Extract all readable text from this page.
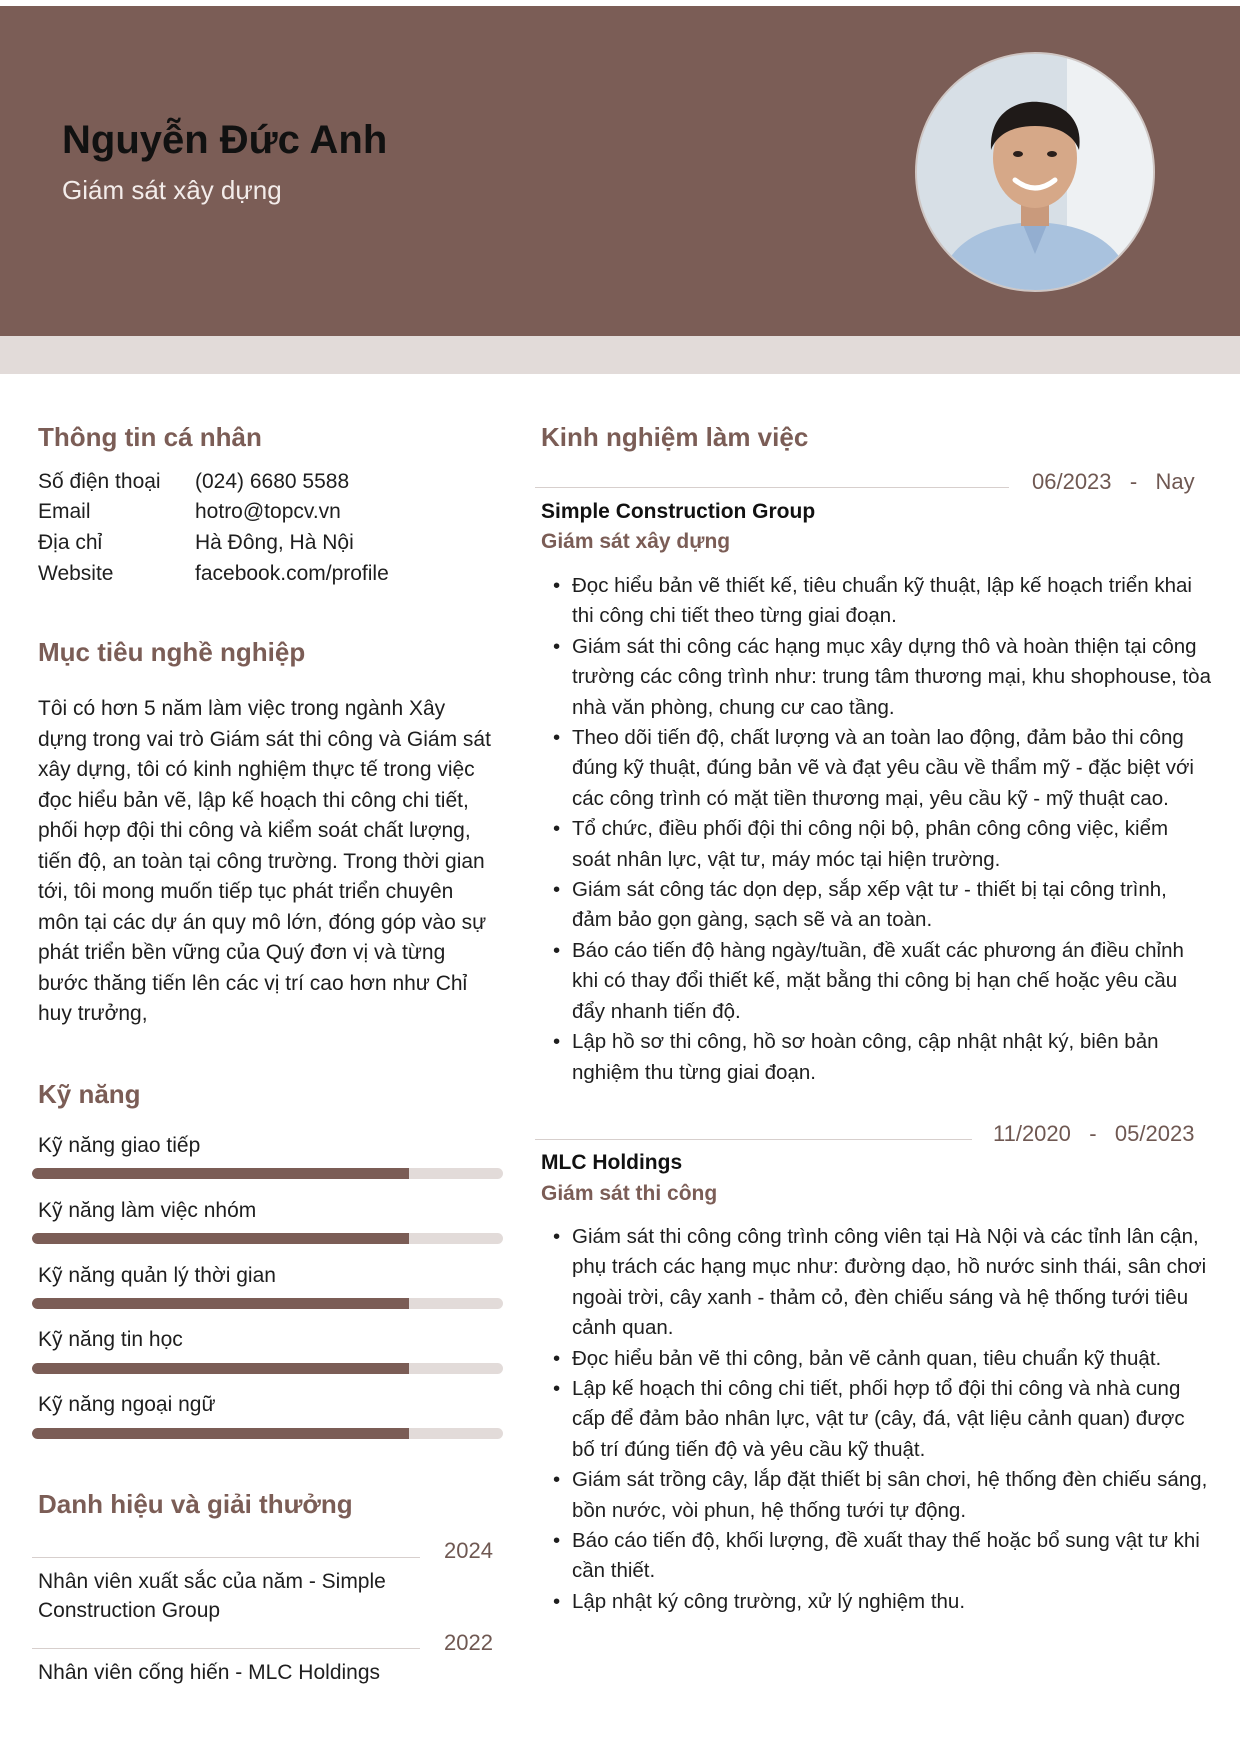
Nguyễn Đức Anh
Giám sát xây dựng
Thông tin cá nhân
Số điện thoại (024) 6680 5588
Email	hotro@topcv.vn
Địa chỉ	Hà Đông, Hà Nội
Website	facebook.com/profile
Mục tiêu nghề nghiệp
Tôi có hơn 5 năm làm việc trong ngành Xây dựng trong vai trò Giám sát thi công và Giám sát xây dựng, tôi có kinh nghiệm thực tế trong việc đọc hiểu bản vẽ, lập kế hoạch thi công chi tiết, phối hợp đội thi công và kiểm soát chất lượng, tiến độ, an toàn tại công trường. Trong thời gian tới, tôi mong muốn tiếp tục phát triển chuyên môn tại các dự án quy mô lớn, đóng góp vào sự phát triển bền vững của Quý đơn vị và từng bước thăng tiến lên các vị trí cao hơn như Chỉ huy trưởng,
Kỹ năng
Kỹ năng giao tiếp
Kỹ năng làm việc nhóm
Kỹ năng quản lý thời gian
Kỹ năng tin học
Kỹ năng ngoại ngữ
Danh hiệu và giải thưởng
2024
Nhân viên xuất sắc của năm - Simple Construction Group
2022
Nhân viên cống hiến - MLC Holdings
Kinh nghiệm làm việc
06/2023 - Nay
Simple Construction Group
Giám sát xây dựng
• Đọc hiểu bản vẽ thiết kế, tiêu chuẩn kỹ thuật, lập kế hoạch triển khai thi công chi tiết theo từng giai đoạn.
• Giám sát thi công các hạng mục xây dựng thô và hoàn thiện tại công trường các công trình như: trung tâm thương mại, khu shophouse, tòa nhà văn phòng, chung cư cao tầng.
• Theo dõi tiến độ, chất lượng và an toàn lao động, đảm bảo thi công đúng kỹ thuật, đúng bản vẽ và đạt yêu cầu về thẩm mỹ - đặc biệt với các công trình có mặt tiền thương mại, yêu cầu kỹ - mỹ thuật cao.
• Tổ chức, điều phối đội thi công nội bộ, phân công công việc, kiểm soát nhân lực, vật tư, máy móc tại hiện trường.
• Giám sát công tác dọn dẹp, sắp xếp vật tư - thiết bị tại công trình, đảm bảo gọn gàng, sạch sẽ và an toàn.
• Báo cáo tiến độ hàng ngày/tuần, đề xuất các phương án điều chỉnh khi có thay đổi thiết kế, mặt bằng thi công bị hạn chế hoặc yêu cầu đẩy nhanh tiến độ.
• Lập hồ sơ thi công, hồ sơ hoàn công, cập nhật nhật ký, biên bản nghiệm thu từng giai đoạn.
11/2020 - 05/2023
MLC Holdings
Giám sát thi công
• Giám sát thi công công trình công viên tại Hà Nội và các tỉnh lân cận, phụ trách các hạng mục như: đường dạo, hồ nước sinh thái, sân chơi ngoài trời, cây xanh - thảm cỏ, đèn chiếu sáng và hệ thống tưới tiêu cảnh quan.
• Đọc hiểu bản vẽ thi công, bản vẽ cảnh quan, tiêu chuẩn kỹ thuật.
• Lập kế hoạch thi công chi tiết, phối hợp tổ đội thi công và nhà cung cấp để đảm bảo nhân lực, vật tư (cây, đá, vật liệu cảnh quan) được bố trí đúng tiến độ và yêu cầu kỹ thuật.
• Giám sát trồng cây, lắp đặt thiết bị sân chơi, hệ thống đèn chiếu sáng, bồn nước, vòi phun, hệ thống tưới tự động.
• Báo cáo tiến độ, khối lượng, đề xuất thay thế hoặc bổ sung vật tư khi cần thiết.
• Lập nhật ký công trường, xử lý nghiệm thu.
